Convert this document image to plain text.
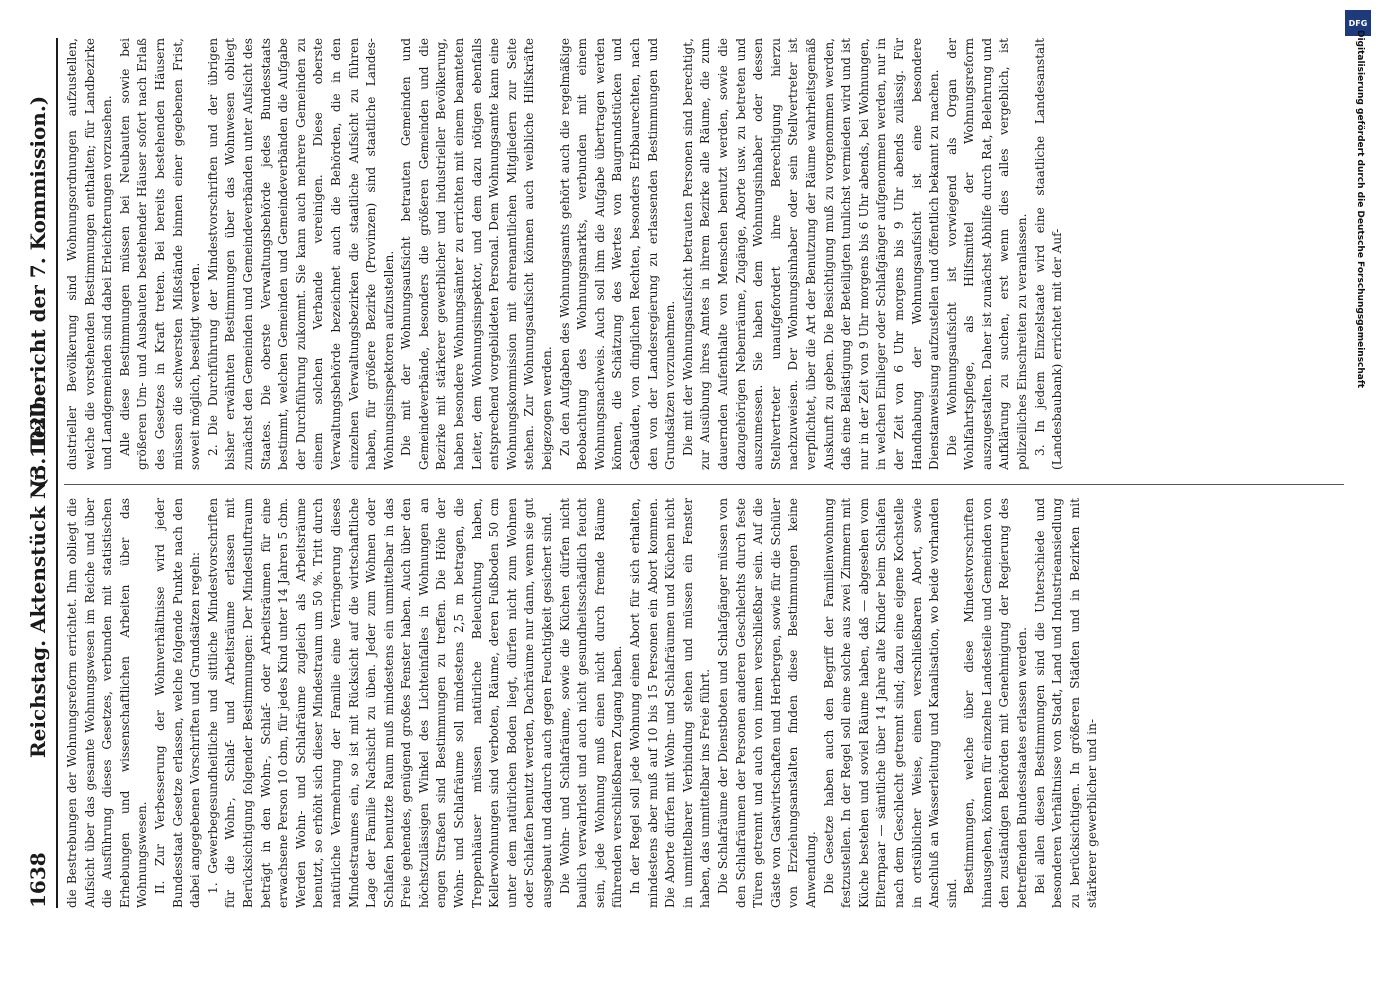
1638
Reichstag. Aktenstück Nr. 1020.
(3. Teilbericht der 7. Kommission.)

die Bestrebungen der Wohnungsreform errichtet. Ihm obliegt die Aufsicht über das gesamte Wohnungswesen im Reiche und über die Ausführung dieses Gesetzes, verbunden mit statistischen Erhebungen und wissenschaftlichen Arbeiten über das Wohnungswesen. II. Zur Verbesserung der Wohnverhältnisse wird jeder Bundesstaat Gesetze erlassen, welche folgende Punkte nach den dabei angegebenen Vorschriften und Grundsätzen regeln: 1. Gewerbegesundheitliche und sittliche Mindestvorschriften für die Wohn-, Schlaf- und Arbeitsräume erlassen mit Berücksichtigung folgender Bestimmungen: Der Mindestluftraum beträgt in den Wohn-, Schlaf- oder Arbeitsräumen für eine erwachsene Person 10 cbm, für jedes Kind unter 14 Jahren 5 cbm. Werden Wohn- und Schlafräume zugleich als Arbeitsräume benutzt, so erhöht sich dieser Mindestraum um 50 %. Tritt durch natürliche Vermehrung der Familie eine Verringerung dieses Mindestraumes ein, so ist mit Rücksicht auf die wirtschaftliche Lage der Familie Nachsicht zu üben. Jeder zum Wohnen oder Schlafen benutzte Raum muß mindestens ein unmittelbar in das Freie gehendes, genügend großes Fenster haben. Auch über den höchstzulässigen Winkel des Lichteinfalles in Wohnungen an engen Straßen sind Bestimmungen zu treffen. Die Höhe der Wohn- und Schlafräume soll mindestens 2,5 m betragen, die Treppenhäuser müssen natürliche Beleuchtung haben, Kellerwohnungen sind verboten, Räume, deren Fußboden 50 cm unter dem natürlichen Boden liegt, dürfen nicht zum Wohnen oder Schlafen benutzt werden, Dachräume nur dann, wenn sie gut ausgebaut und dadurch auch gegen Feuchtigkeit gesichert sind. Die Wohn- und Schlafräume, sowie die Küchen dürfen nicht baulich verwahrlost und auch nicht gesundheitsschädlich feucht sein, jede Wohnung muß einen nicht durch fremde Räume führenden verschließbaren Zugang haben. In der Regel soll jede Wohnung einen Abort für sich erhalten, mindestens aber muß auf 10 bis 15 Personen ein Abort kommen. Die Aborte dürfen mit Wohn- und Schlafräumen und Küchen nicht in unmittelbarer Verbindung stehen und müssen ein Fenster haben, das unmittelbar ins Freie führt. Die Schlafräume der Dienstboten und Schlafgänger müssen von den Schlafräumen der Personen anderen Geschlechts durch feste Türen getrennt und auch von innen verschließbar sein. Auf die Gäste von Gastwirtschaften und Herbergen, sowie für die Schüler von Erziehungsanstalten finden diese Bestimmungen keine Anwendung. Die Gesetze haben auch den Begriff der Familienwohnung festzustellen. In der Regel soll eine solche aus zwei Zimmern mit Küche bestehen und soviel Räume haben, daß — abgesehen vom Elternpaar — sämtliche über 14 Jahre alte Kinder beim Schlafen nach dem Geschlecht getrennt sind; dazu eine eigene Kochstelle in ortsüblicher Weise, einen verschließbaren Abort, sowie Anschluß an Wasserleitung und Kanalisation, wo beide vorhanden sind. Bestimmungen, welche über diese Mindestvorschriften hinausgehen, können für einzelne Landesteile und Gemeinden von den zuständigen Behörden mit Genehmigung der Regierung des betreffenden Bundesstaates erlassen werden. Bei allen diesen Bestimmungen sind die Unterschiede und besonderen Verhältnisse von Stadt, Land und Industrieansiedlung zu berücksichtigen. In größeren Städten und in Bezirken mit stärkerer gewerblicher und in-

dustrieller Bevölkerung sind Wohnungsordnungen aufzustellen, welche die vorstehenden Bestimmungen enthalten; für Landbezirke und Landgemeinden sind dabei Erleichterungen vorzusehen. Alle diese Bestimmungen müssen bei Neubauten sowie bei größeren Um- und Ausbauten bestehender Häuser sofort nach Erlaß des Gesetzes in Kraft treten. Bei bereits bestehenden Häusern müssen die schwersten Mißstände binnen einer gegebenen Frist, soweit möglich, beseitigt werden. 2. Die Durchführung der Mindestvorschriften und der übrigen bisher erwähnten Bestimmungen über das Wohnwesen obliegt zunächst den Gemeinden und Gemeindeverbänden unter Aufsicht des Staates. Die oberste Verwaltungsbehörde jedes Bundesstaats bestimmt, welchen Gemeinden und Gemeindeverbänden die Aufgabe der Durchführung zukommt. Sie kann auch mehrere Gemeinden zu einem solchen Verbande vereinigen. Diese oberste Verwaltungsbehörde bezeichnet auch die Behörden, die in den einzelnen Verwaltungsbezirken die staatliche Aufsicht zu führen haben, für größere Bezirke (Provinzen) sind staatliche Landes-Wohnungsinspektoren aufzustellen. Die mit der Wohnungsaufsicht betrauten Gemeinden und Gemeindeverbände, besonders die größeren Gemeinden und die Bezirke mit stärkerer gewerblicher und industrieller Bevölkerung, haben besondere Wohnungsämter zu errichten mit einem beamteten Leiter, dem Wohnungsinspektor, und dem dazu nötigen ebenfalls entsprechend vorgebildeten Personal. Dem Wohnungsamte kann eine Wohnungskommission mit ehrenamtlichen Mitgliedern zur Seite stehen. Zur Wohnungsaufsicht können auch weibliche Hilfskräfte beigezogen werden. Zu den Aufgaben des Wohnungsamts gehört auch die regelmäßige Beobachtung des Wohnungsmarkts, verbunden mit einem Wohnungsnachweis. Auch soll ihm die Aufgabe übertragen werden können, die Schätzung des Wertes von Baugrundstücken und Gebäuden, von dinglichen Rechten, besonders Erbbaurechten, nach den von der Landesregierung zu erlassenden Bestimmungen und Grundsätzen vorzunehmen. Die mit der Wohnungsaufsicht betrauten Personen sind berechtigt, zur Ausübung ihres Amtes in ihrem Bezirke alle Räume, die zum dauernden Aufenthalte von Menschen benutzt werden, sowie die dazugehörigen Nebenräume, Zugänge, Aborte usw. zu betreten und auszumessen. Sie haben dem Wohnungsinhaber oder dessen Stellvertreter unaufgefordert ihre Berechtigung hierzu nachzuweisen. Der Wohnungsinhaber oder sein Stellvertreter ist verpflichtet, über die Art der Benutzung der Räume wahrheitsgemäß Auskunft zu geben. Die Besichtigung muß zu vorgenommen werden, daß eine Belästigung der Beteiligten tunlichst vermieden wird und ist nur in der Zeit von 9 Uhr morgens bis 6 Uhr abends, bei Wohnungen, in welchen Einlieger oder Schlafgänger aufgenommen werden, nur in der Zeit von 6 Uhr morgens bis 9 Uhr abends zulässig. Für Handhabung der Wohnungsaufsicht ist eine besondere Dienstanweisung aufzustellen und öffentlich bekannt zu machen. Die Wohnungsaufsicht ist vorwiegend als Organ der Wohlfahrtspflege, als Hilfsmittel der Wohnungsreform auszugestalten. Daher ist zunächst Abhilfe durch Rat, Belehrung und Aufklärung zu suchen, erst wenn dies alles vergeblich, ist polizeiliches Einschreiten zu veranlassen. 3. In jedem Einzelstaate wird eine staatliche Landesanstalt (Landesbaubank) errichtet mit der Auf-

DFG
Digitalisierung gefördert durch die Deutsche Forschungsgemeinschaft
